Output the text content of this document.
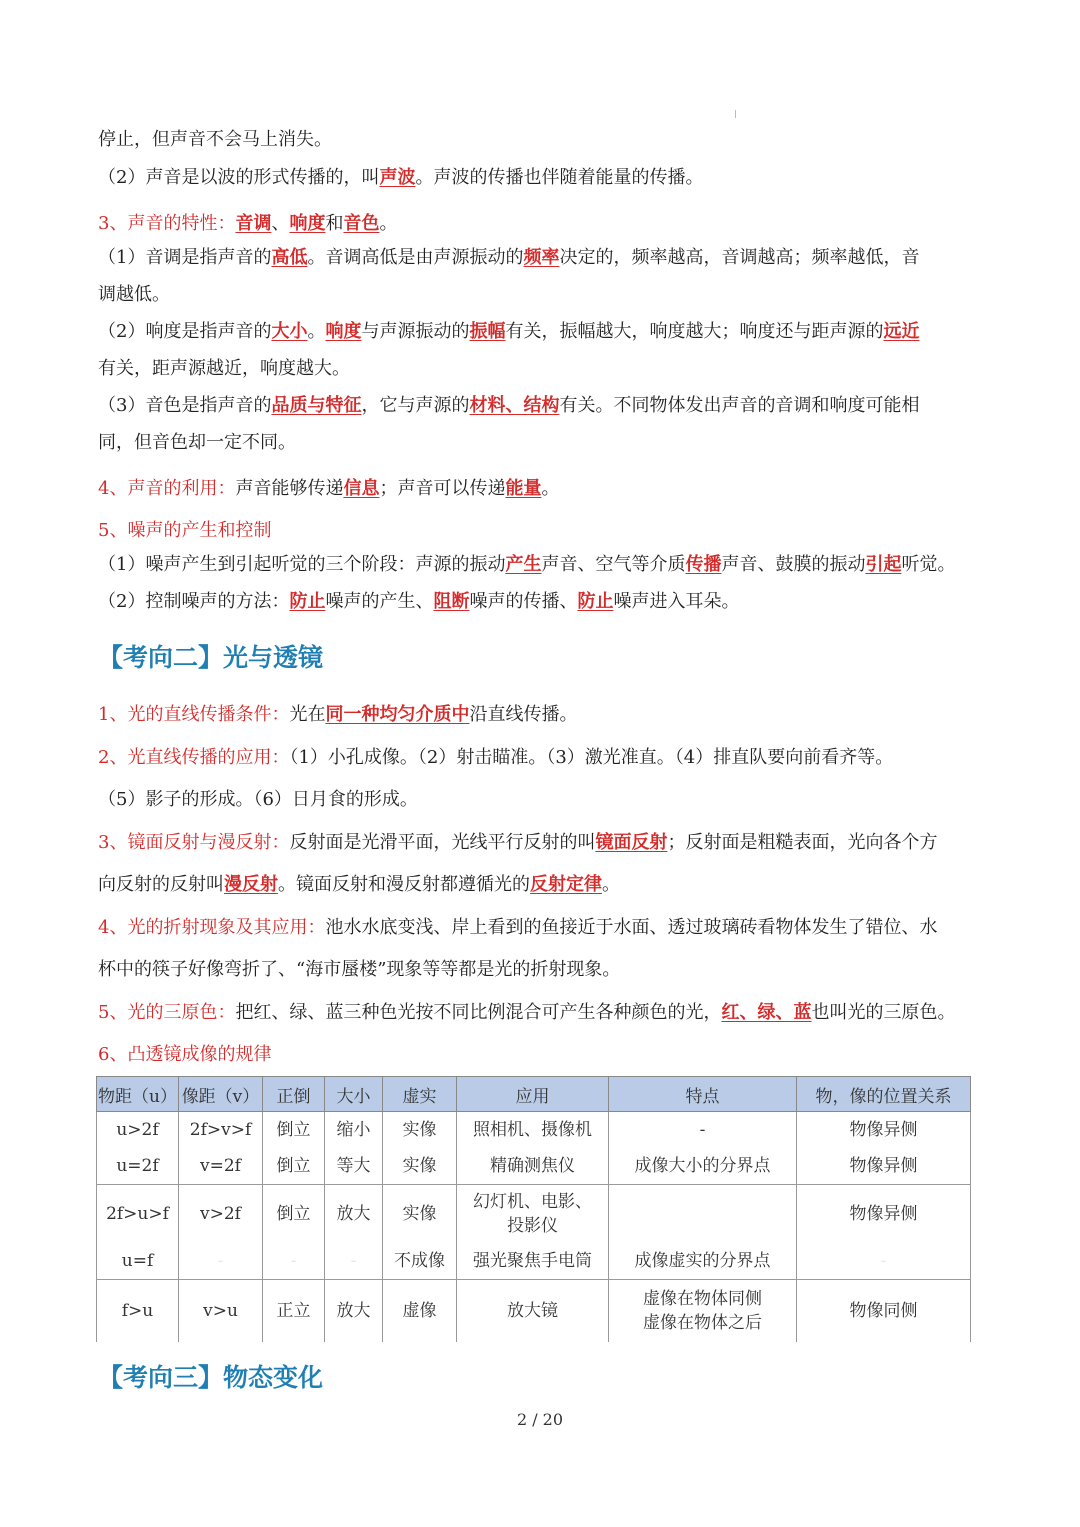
停止，但声音不会马上消失。
（2）声音是以波的形式传播的，叫声波。声波的传播也伴随着能量的传播。
3、声音的特性：音调、响度和音色。
（1）音调是指声音的高低。音调高低是由声源振动的频率决定的，频率越高，音调越高；频率越低，音
调越低。
（2）响度是指声音的大小。响度与声源振动的振幅有关，振幅越大，响度越大；响度还与距声源的远近
有关，距声源越近，响度越大。
（3）音色是指声音的品质与特征，它与声源的材料、结构有关。不同物体发出声音的音调和响度可能相
同，但音色却一定不同。
4、声音的利用：声音能够传递信息；声音可以传递能量。
5、噪声的产生和控制
（1）噪声产生到引起听觉的三个阶段：声源的振动产生声音、空气等介质传播声音、鼓膜的振动引起听觉。
（2）控制噪声的方法：防止噪声的产生、阻断噪声的传播、防止噪声进入耳朵。
【考向二】光与透镜
1、光的直线传播条件：光在同一种均匀介质中沿直线传播。
2、光直线传播的应用：（1）小孔成像。（2）射击瞄准。（3）激光准直。（4）排直队要向前看齐等。
（5）影子的形成。（6）日月食的形成。
3、镜面反射与漫反射：反射面是光滑平面，光线平行反射的叫镜面反射；反射面是粗糙表面，光向各个方
向反射的反射叫漫反射。镜面反射和漫反射都遵循光的反射定律。
4、光的折射现象及其应用：池水水底变浅、岸上看到的鱼接近于水面、透过玻璃砖看物体发生了错位、水
杯中的筷子好像弯折了、“海市蜃楼”现象等等都是光的折射现象。
5、光的三原色：把红、绿、蓝三种色光按不同比例混合可产生各种颜色的光，红、绿、蓝也叫光的三原色。
6、凸透镜成像的规律
物距（u）	像距（v）	正倒	大小	虚实	应用	特点	物，像的位置关系
u>2f	2f>v>f	倒立	缩小	实像	照相机、摄像机	-	物像异侧
u=2f	v=2f	倒立	等大	实像	精确测焦仪	成像大小的分界点	物像异侧
2f>u>f	v>2f	倒立	放大	实像	幻灯机、电影、
投影仪		物像异侧
u=f	-	-	-	不成像	强光聚焦手电筒	成像虚实的分界点	-
f>u	v>u	正立	放大	虚像	放大镜	虚像在物体同侧
虚像在物体之后	物像同侧
【考向三】物态变化
2 / 20
